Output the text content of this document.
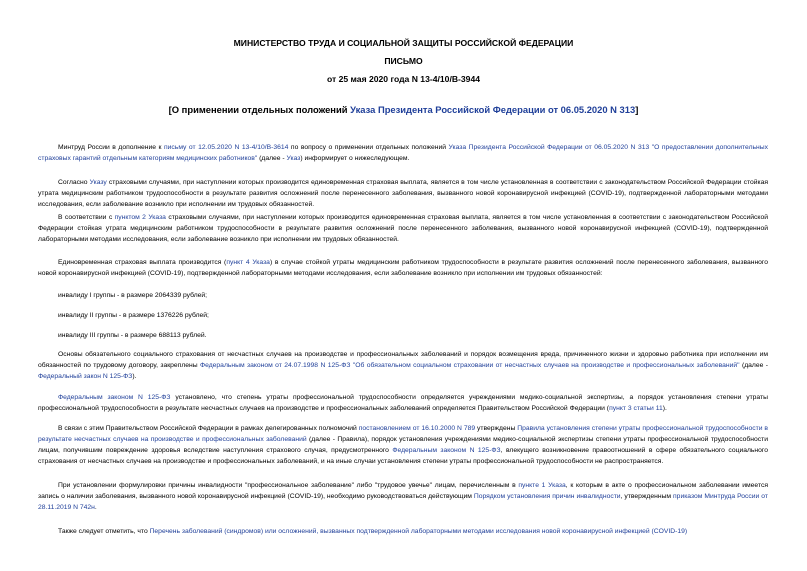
МИНИСТЕРСТВО ТРУДА И СОЦИАЛЬНОЙ ЗАЩИТЫ РОССИЙСКОЙ ФЕДЕРАЦИИ
ПИСЬМО
от 25 мая 2020 года N 13-4/10/В-3944
[О применении отдельных положений Указа Президента Российской Федерации от 06.05.2020 N 313]
Минтруд России в дополнение к письму от 12.05.2020 N 13-4/10/В-3614 по вопросу о применении отдельных положений Указа Президента Российской Федерации от 06.05.2020 N 313 "О предоставлении дополнительных страховых гарантий отдельным категориям медицинских работников" (далее - Указ) информирует о нижеследующем.
Согласно Указу страховыми случаями, при наступлении которых производится единовременная страховая выплата, является в том числе установленная в соответствии с законодательством Российской Федерации стойкая утрата медицинским работником трудоспособности в результате развития осложнений после перенесенного заболевания, вызванного новой коронавирусной инфекцией (COVID-19), подтвержденной лабораторными методами исследования, если заболевание возникло при исполнении им трудовых обязанностей.
В соответствии с пунктом 2 Указа страховыми случаями, при наступлении которых производится единовременная страховая выплата, является в том числе установленная в соответствии с законодательством Российской Федерации стойкая утрата медицинским работником трудоспособности в результате развития осложнений после перенесенного заболевания, вызванного новой коронавирусной инфекцией (COVID-19), подтвержденной лабораторными методами исследования, если заболевание возникло при исполнении им трудовых обязанностей.
Единовременная страховая выплата производится (пункт 4 Указа) в случае стойкой утраты медицинским работником трудоспособности в результате развития осложнений после перенесенного заболевания, вызванного новой коронавирусной инфекцией (COVID-19), подтвержденной лабораторными методами исследования, если заболевание возникло при исполнении им трудовых обязанностей:
инвалиду I группы - в размере 2064339 рублей;
инвалиду II группы - в размере 1376226 рублей;
инвалиду III группы - в размере 688113 рублей.
Основы обязательного социального страхования от несчастных случаев на производстве и профессиональных заболеваний и порядок возмещения вреда, причиненного жизни и здоровью работника при исполнении им обязанностей по трудовому договору, закреплены Федеральным законом от 24.07.1998 N 125-ФЗ "Об обязательном социальном страховании от несчастных случаев на производстве и профессиональных заболеваний" (далее - Федеральный закон N 125-ФЗ).
Федеральным законом N 125-ФЗ установлено, что степень утраты профессиональной трудоспособности определяется учреждениями медико-социальной экспертизы, а порядок установления степени утраты профессиональной трудоспособности в результате несчастных случаев на производстве и профессиональных заболеваний определяется Правительством Российской Федерации (пункт 3 статьи 11).
В связи с этим Правительством Российской Федерации в рамках делегированных полномочий постановлением от 16.10.2000 N 789 утверждены Правила установления степени утраты профессиональной трудоспособности в результате несчастных случаев на производстве и профессиональных заболеваний (далее - Правила), порядок установления учреждениями медико-социальной экспертизы степени утраты профессиональной трудоспособности лицам, получившим повреждение здоровья вследствие наступления страхового случая, предусмотренного Федеральным законом N 125-ФЗ, влекущего возникновение правоотношений в сфере обязательного социального страхования от несчастных случаев на производстве и профессиональных заболеваний, и на иные случаи установления степени утраты профессиональной трудоспособности не распространяется.
При установлении формулировки причины инвалидности "профессиональное заболевание" либо "трудовое увечье" лицам, перечисленным в пункте 1 Указа, к которым в акте о профессиональном заболевании имеется запись о наличии заболевания, вызванного новой коронавирусной инфекцией (COVID-19), необходимо руководствоваться действующим Порядком установления причин инвалидности, утвержденным приказом Минтруда России от 28.11.2019 N 742н.
Также следует отметить, что Перечень заболеваний (синдромов) или осложнений, вызванных подтвержденной лабораторными методами исследования новой коронавирусной инфекцией (COVID-19)
